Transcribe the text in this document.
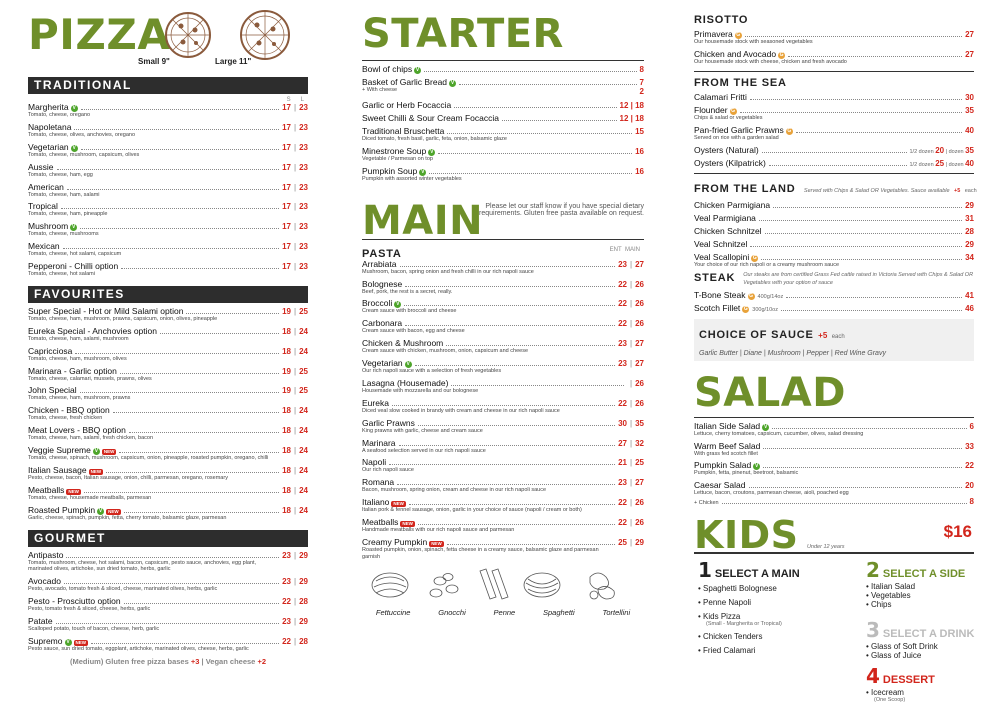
PIZZA
Small 9"	Large 11"
TRADITIONAL
S L
Margherita V	17 | 23
Tomato, cheese, oregano
Napoletana	17 | 23
Tomato, cheese, olives, anchovies, oregano
Vegetarian V	17 | 23
Tomato, cheese, mushroom, capsicum, olives
Aussie	17 | 23
Tomato, cheese, ham, egg
American	17 | 23
Tomato, cheese, ham, salami
Tropical	17 | 23
Tomato, cheese, ham, pineapple
Mushroom V	17 | 23
Tomato, cheese, mushrooms
Mexican	17 | 23
Tomato, cheese, hot salami, capsicum
Pepperoni - Chilli option	17 | 23
Tomato, cheese, hot salami
FAVOURITES
Super Special - Hot or Mild Salami option	19 | 25
Tomato, cheese, ham, mushroom, prawns, capsicum, onion, olives, pineapple
Eureka Special - Anchovies option	18 | 24
Tomato, cheese, ham, salami, mushroom
Capricciosa	18 | 24
Tomato, cheese, ham, mushroom, olives
Marinara - Garlic option	19 | 25
Tomato, cheese, calamari, mussels, prawns, olives
John Special	19 | 25
Tomato, cheese, ham, mushroom, prawns
Chicken - BBQ option	18 | 24
Tomato, cheese, fresh chicken
Meat Lovers - BBQ option	18 | 24
Tomato, cheese, ham, salami, fresh chicken, bacon
Veggie Supreme V	NEW	18 | 24
Tomato, cheese, spinach, mushroom, capsicum, onion, pineapple, roasted pumpkin, oregano, chilli
Italian Sausage NEW	18 | 24
Pesto, cheese, bacon, Italian sausage, onion, chilli, parmesan, oregano, rosemary
Meatballs NEW	18 | 24
Tomato, cheese, housemade meatballs, parmesan
Roasted Pumpkin V	NEW	18 | 24
Garlic, cheese, spinach, pumpkin, fetta, cherry tomato, balsamic glaze, parmesan
GOURMET
Antipasto	23 | 29
Tomato, mushroom, cheese, hot salami, bacon, capsicum, pesto sauce, anchovies, egg plant, marinated olives, artichoke, sun dried tomato, herbs, garlic
Avocado	23 | 29
Pesto, avocado, tomato fresh & sliced, cheese, marinated olives, herbs, garlic
Pesto - Prosciutto option	22 | 28
Pesto, tomato fresh & sliced, cheese, herbs, garlic
Patate	23 | 29
Scalloped potato, touch of bacon, cheese, herb, garlic
Supremo V	NEW	22 | 28
Pesto sauce, sun dried tomato, eggplant, artichoke, marinated olives, cheese, herbs, garlic
(Medium) Gluten free pizza bases +3 | Vegan cheese +2
STARTER
Bowl of chips V	8
Basket of Garlic Bread V	7
+ With cheese	2
Garlic or Herb Focaccia	12 | 18
Sweet Chilli & Sour Cream Focaccia	12 | 18
Traditional Bruschetta	15
Diced tomato, fresh basil, garlic, feta, onion, balsamic glaze
Minestrone Soup V	16
Vegetable / Parmesan on top
Pumpkin Soup V	16
Pumpkin with assorted winter vegetables
MAIN Please let our staff know if you have special dietary requirements. Gluten free pasta available on request.
PASTA	ENT MAIN
Arrabiata	23 | 27
Mushroom, bacon, spring onion and fresh chilli in our rich napoli sauce
Bolognese	22 | 26
Beef, pork, the rest is a secret, really.
Broccoli V	22 | 26
Cream sauce with broccoli and cheese
Carbonara	22 | 26
Cream sauce with bacon, egg and cheese
Chicken & Mushroom	23 | 27
Cream sauce with chicken, mushroom, onion, capsicum and cheese
Vegetarian V	23 | 27
Our rich napoli sauce with a selection of fresh vegetables
Lasagna (Housemade)	| 26
Housemade with mozzarella and our bolognese
Eureka	22 | 26
Diced veal slow cooked in brandy with cream and cheese in our rich napoli sauce
Garlic Prawns	30 | 35
King prawns with garlic, cheese and cream sauce
Marinara	27 | 32
A seafood selection served in our rich napoli sauce
Napoli	21 | 25
Our rich napoli sauce
Romana	23 | 27
Bacon, mushroom, spring onion, cream and cheese in our rich napoli sauce
Italiano NEW	22 | 26
Italian pork & fennel sausage, onion, garlic in your choice of sauce (napoli / cream or both)
Meatballs NEW	22 | 26
Handmade meatballs with our rich napoli sauce and parmesan
Creamy Pumpkin NEW	25 | 29
Roasted pumpkin, onion, spinach, fetta cheese in a creamy sauce, balsamic glaze and parmesan garnish
Fettuccine	Gnocchi	Penne	Spaghetti	Tortellini
RISOTTO
Primavera G	27
Our housemade stock with seasoned vegetables
Chicken and Avocado G	27
Our housemade stock with cheese, chicken and fresh avocado
FROM THE SEA
Calamari Fritti	30
Flounder G	35
Chips & salad or vegetables
Pan-fried Garlic Prawns G	40
Served on rice with a garden salad
Oysters (Natural)	1/2 dozen 20 | dozen 35
Oysters (Kilpatrick)	1/2 dozen 25 | dozen 40
FROM THE LAND Served with Chips & Salad OR Vegetables. Sauce available +5 each
Chicken Parmigiana	29
Veal Parmigiana	31
Chicken Schnitzel	28
Veal Schnitzel	29
Veal Scallopini G	34
Your choice of our rich napoli or a creamy mushroom sauce
STEAK Our steaks are from certified Grass Fed cattle raised in Victoria Served with Chips & Salad OR Vegetables with your option of sauce
T-Bone Steak G 400g/14oz	41
Scotch Fillet G 300g/10oz	46
CHOICE OF SAUCE +5 each
Garlic Butter | Diane | Mushroom | Pepper | Red Wine Gravy
SALAD
Italian Side Salad V	6
Lettuce, cherry tomatoes, capsicum, cucumber, olives, salad dressing
Warm Beef Salad	33
With grass fed scotch fillet
Pumpkin Salad V	22
Pumpkin, fetta, pinenut, beetroot, balsamic
Caesar Salad	20
Lettuce, bacon, croutons, parmesan cheese, aioli, poached egg
+ Chicken	8
KIDS Under 12 years
$16
1 SELECT A MAIN
• Spaghetti Bolognese
• Penne Napoli
• Kids Pizza
(Small - Margherita or Tropical)
• Chicken Tenders
• Fried Calamari
2 SELECT A SIDE
• Italian Salad
• Vegetables
• Chips
3 SELECT A DRINK
• Glass of Soft Drink
• Glass of Juice
4 DESSERT
• Icecream
(One Scoop)
